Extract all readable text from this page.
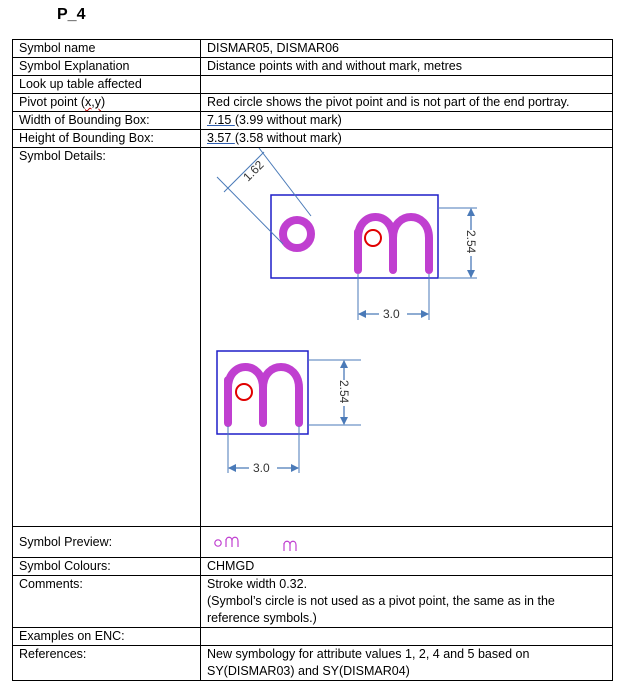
P_4
Symbol name	DISMAR05, DISMAR06
Symbol Explanation	Distance points with and without mark, metres
Look up table affected	
Pivot point (x,y)	Red circle shows the pivot point and is not part of the end portray.
Width of Bounding Box:	7.15 (3.99 without mark)
Height of Bounding Box:	3.57 (3.58 without mark)
Symbol Details:	1.62
2.54
3.0
2.54
3.0

Symbol Preview:	

Symbol Colours:	CHMGD
Comments:	Stroke width 0.32.
(Symbol’s circle is not used as a pivot point, the same as in the
reference symbols.)

Examples on ENC:	
References:	New symbology for attribute values 1, 2, 4 and 5 based on
SY(DISMAR03) and SY(DISMAR04)
